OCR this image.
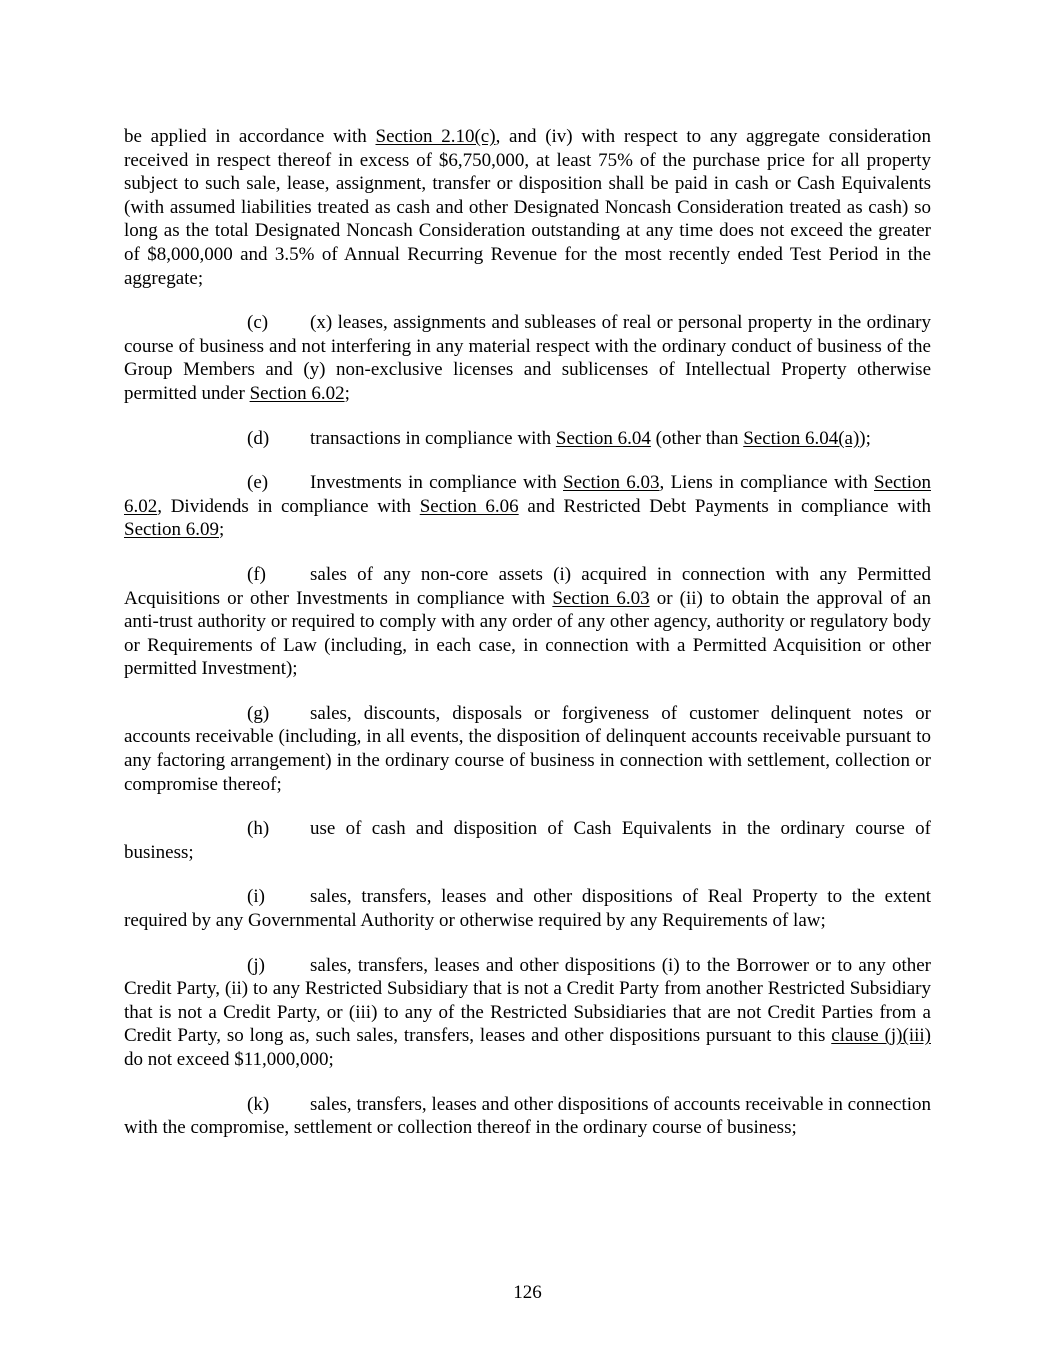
be applied in accordance with Section 2.10(c), and (iv) with respect to any aggregate consideration received in respect thereof in excess of $6,750,000, at least 75% of the purchase price for all property subject to such sale, lease, assignment, transfer or disposition shall be paid in cash or Cash Equivalents (with assumed liabilities treated as cash and other Designated Noncash Consideration treated as cash) so long as the total Designated Noncash Consideration outstanding at any time does not exceed the greater of $8,000,000 and 3.5% of Annual Recurring Revenue for the most recently ended Test Period in the aggregate;

(c) (x) leases, assignments and subleases of real or personal property in the ordinary course of business and not interfering in any material respect with the ordinary conduct of business of the Group Members and (y) non-exclusive licenses and sublicenses of Intellectual Property otherwise permitted under Section 6.02;

(d) transactions in compliance with Section 6.04 (other than Section 6.04(a));

(e) Investments in compliance with Section 6.03, Liens in compliance with Section 6.02, Dividends in compliance with Section 6.06 and Restricted Debt Payments in compliance with Section 6.09;

(f) sales of any non-core assets (i) acquired in connection with any Permitted Acquisitions or other Investments in compliance with Section 6.03 or (ii) to obtain the approval of an anti-trust authority or required to comply with any order of any other agency, authority or regulatory body or Requirements of Law (including, in each case, in connection with a Permitted Acquisition or other permitted Investment);

(g) sales, discounts, disposals or forgiveness of customer delinquent notes or accounts receivable (including, in all events, the disposition of delinquent accounts receivable pursuant to any factoring arrangement) in the ordinary course of business in connection with settlement, collection or compromise thereof;

(h) use of cash and disposition of Cash Equivalents in the ordinary course of business;

(i) sales, transfers, leases and other dispositions of Real Property to the extent required by any Governmental Authority or otherwise required by any Requirements of law;

(j) sales, transfers, leases and other dispositions (i) to the Borrower or to any other Credit Party, (ii) to any Restricted Subsidiary that is not a Credit Party from another Restricted Subsidiary that is not a Credit Party, or (iii) to any of the Restricted Subsidiaries that are not Credit Parties from a Credit Party, so long as, such sales, transfers, leases and other dispositions pursuant to this clause (j)(iii) do not exceed $11,000,000;

(k) sales, transfers, leases and other dispositions of accounts receivable in connection with the compromise, settlement or collection thereof in the ordinary course of business;

126
